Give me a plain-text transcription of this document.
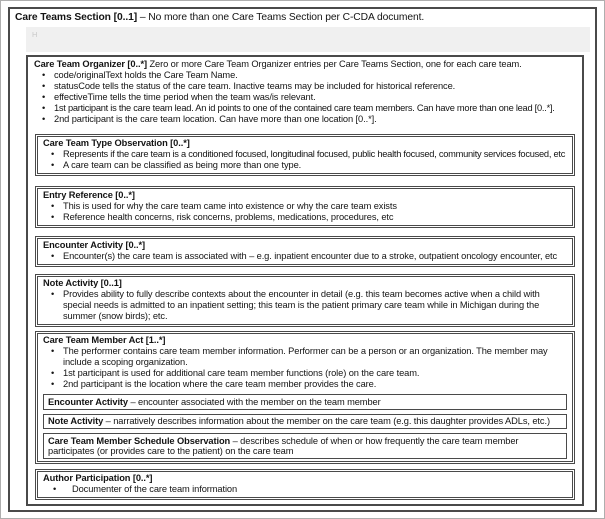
Care Teams Section [0..1] – No more than one Care Teams Section per C-CDA document.
H
Care Team Organizer [0..*] Zero or more Care Team Organizer entries per Care Teams Section, one for each care team.
• code/originalText holds the Care Team Name.
• statusCode tells the status of the care team. Inactive teams may be included for historical reference.
• effectiveTime tells the time period when the team was/is relevant.
• 1st participant is the care team lead. An id points to one of the contained care team members. Can have more than one lead [0..*].
• 2nd participant is the care team location. Can have more than one location [0..*].
Care Team Type Observation [0..*]
• Represents if the care team is a conditioned focused, longitudinal focused, public health focused, community services focused, etc
• A care team can be classified as being more than one type.
Entry Reference [0..*]
• This is used for why the care team came into existence or why the care team exists
• Reference health concerns, risk concerns, problems, medications, procedures, etc
Encounter Activity [0..*]
• Encounter(s) the care team is associated with – e.g. inpatient encounter due to a stroke, outpatient oncology encounter, etc
Note Activity [0..1]
• Provides ability to fully describe contexts about the encounter in detail (e.g. this team becomes active when a child with special needs is admitted to an inpatient setting; this team is the patient primary care team while in Michigan during the summer (snow birds); etc.
Care Team Member Act [1..*]
• The performer contains care team member information. Performer can be a person or an organization. The member may include a scoping organization.
• 1st participant is used for additional care team member functions (role) on the care team.
• 2nd participant is the location where the care team member provides the care.
Encounter Activity – encounter associated with the member on the team member
Note Activity – narratively describes information about the member on the care team (e.g. this daughter provides ADLs, etc.)
Care Team Member Schedule Observation – describes schedule of when or how frequently the care team member participates (or provides care to the patient) on the care team
Author Participation [0..*]
• Documenter of the care team information
